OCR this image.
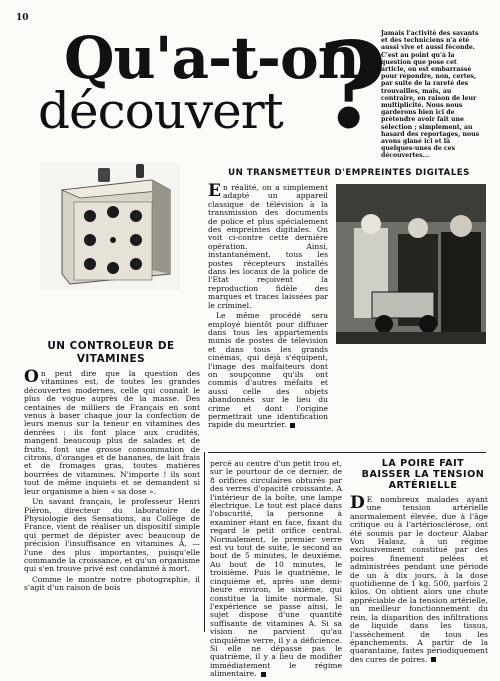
10
Qu'a-t-on
découvert ?
Jamais l'activité des savants et des techniciens n'a été aussi vive et aussi féconde. C'est au point qu'à la question que pose cet article, on est embarrassé pour répondre, non, certes, par suite de la rareté des trouvailles, mais, au contraire, en raison de leur multiplicité. Nous nous garderons bien ici de prétendre avoir fait une sélection ; simplement, au hasard des reportages, nous avons glané ici et là quelques-unes de ces découvertes...
UN TRANSMETTEUR D'EMPREINTES DIGITALES

En réalité, on a simplement adapté un appareil classique de télévision à la transmission des documents de police et plus spécialement des empreintes digitales. On voit ci-contre cette dernière opération. Ainsi, instantanément, tous les postes récepteurs installés dans les locaux de la police de l'Etat reçoivent la reproduction fidèle des marques et traces laissées par le criminel.

Le même procédé sera employé bientôt pour diffuser dans tous les appartements munis de postes de télévision et dans tous les grands cinémas, qui déjà s'équipent, l'image des malfaiteurs dont on soupçonne qu'ils ont commis d'autres méfaits et aussi celle des objets abandonnés sur le lieu du crime et dont l'origine permettrait une identification rapide du meurtrier.

UN CONTROLEUR DE VITAMINES

On peut dire que la question des vitamines est, de toutes les grandes découvertes modernes, celle qui connaît le plus de vogue auprès de la masse. Des centaines de milliers de Français en sont venus à baser chaque jour la confection de leurs menus sur la teneur en vitamines des denrées : ils font place aux crudités, mangent beaucoup plus de salades et de fruits, font une grosse consommation de citrons, d'oranges et de bananes, de lait frais et de fromages gras, toutes matières bourrées de vitamines. N'importe ! ils sont tout de même inquiets et se demandent si leur organisme a bien « sa dose ».

Un savant français, le professeur Henri Piéron, directeur du laboratoire de Physiologie des Sensations, au Collège de France, vient de réaliser un dispositif simple qui permet de dépister avec beaucoup de précision l'insuffisance en vitamines A, — l'une des plus importantes, puisqu'elle commande la croissance, et qu'un organisme qui s'en trouve privé est condamné à mort.

Comme le montre notre photographie, il s'agit d'un raison de bois

percé au centre d'un petit trou et, sur le pourtour de ce dernier, de 8 orifices circulaires obturés par des verres d'opacité croissante. A l'intérieur de la boîte, une lampe électrique. Le tout est placé dans l'obscurité, la personne à examiner étant en face, fixant du regard le petit orifice central. Normalement, le premier verre est vu tout de suite, le second au bout de 5 minutes, le deuxième. Au bout de 10 minutes, le troisième. Puis le quatrième, le cinquième et, après une demi-heure environ, le sixième, qui constitue la limite normale. Si l'expérience se passe ainsi, le sujet dispose d'une quantité suffisante de vitamines A. Si sa vision ne parvient qu'au cinquième verre, il y a déficience. Si elle ne dépasse pas le quatrième, il y a lieu de modifier immédiatement le régime alimentaire.

LA POIRE FAIT BAISSER LA TENSION ARTÉRIELLE

D E nombreux malades ayant une tension artérielle anormalement élevée, due à l'âge critique ou à l'artériosclérose, ont été soumis par le docteur Alabar Von Halasz, à un régime exclusivement constitué par des poires finement pelées et administrées pendant une période de un à dix jours, à la dose quotidienne de 1 kg. 500, parfois 2 kilos. On obtient alors une chute appréciable de la tension artérielle, un meilleur fonctionnement du rein, la disparition des infiltrations de liquide dans les tissus, l'assèchement de tous les épanchements. A partir de la quarantaine, faites périodiquement des cures de poires.
